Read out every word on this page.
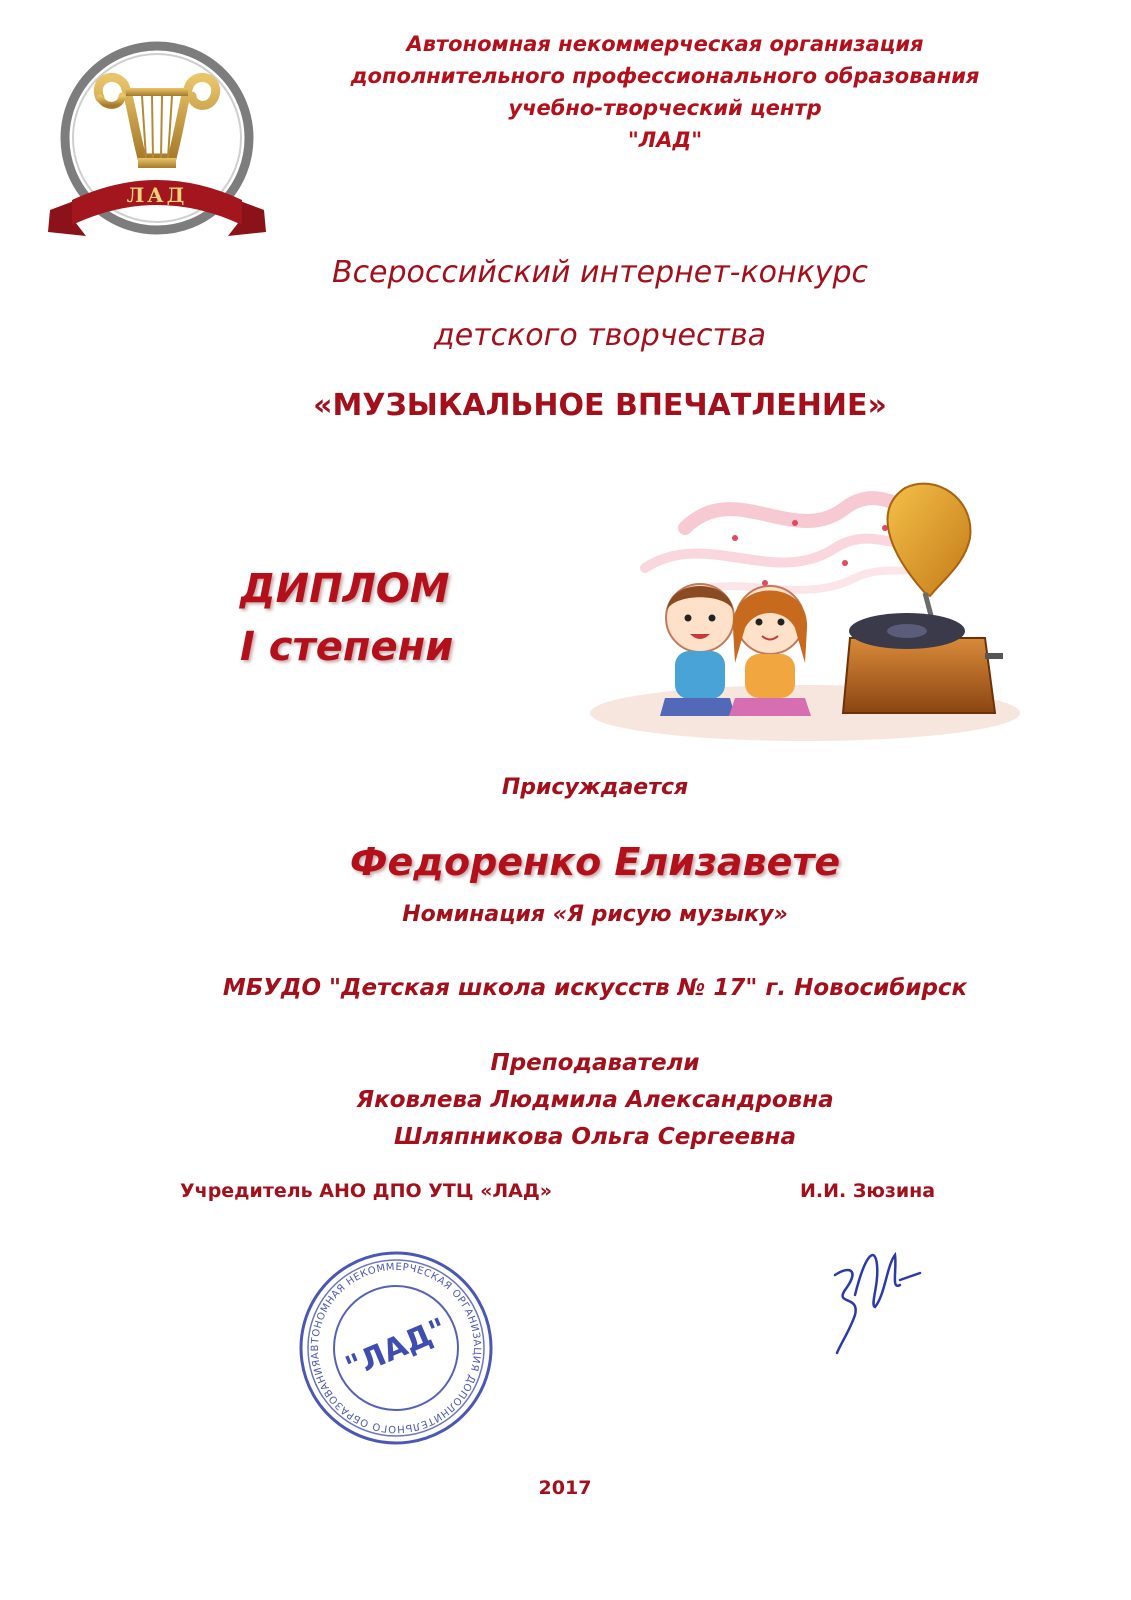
ЛАД
Автономная некоммерческая организация
дополнительного профессионального образования
учебно-творческий центр
"ЛАД"
Всероссийский интернет-конкурс
детского творчества
«МУЗЫКАЛЬНОЕ ВПЕЧАТЛЕНИЕ»
ДИПЛОМ
I степени
Присуждается
Федоренко Елизавете
Номинация «Я рисую музыку»
МБУДО "Детская школа искусств № 17" г. Новосибирск
Преподаватели
Яковлева Людмила Александровна
Шляпникова Ольга Сергеевна
Учредитель АНО ДПО УТЦ «ЛАД»	И.И. Зюзина
АВТОНОМНАЯ НЕКОММЕРЧЕСКАЯ ОРГАНИЗАЦИЯ ДОПОЛНИТЕЛЬНОГО ОБРАЗОВАНИЯ УЧЕБНО-ТВОРЧЕСКИЙ ЦЕНТР
"ЛАД"
2017
